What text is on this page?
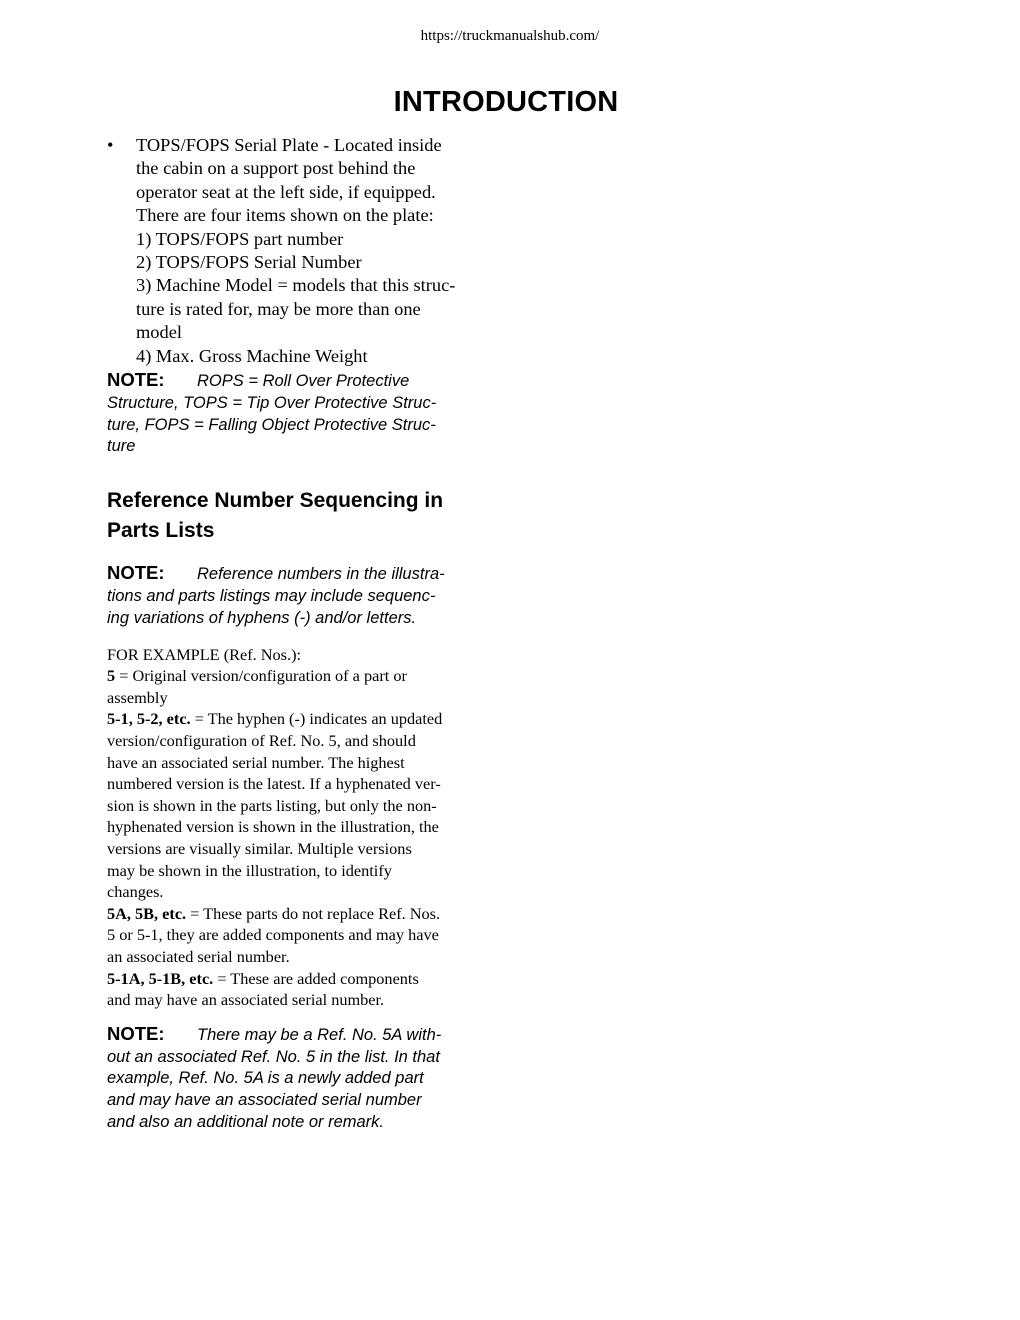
https://truckmanualshub.com/
INTRODUCTION
• TOPS/FOPS Serial Plate - Located inside
the cabin on a support post behind the
operator seat at the left side, if equipped.
There are four items shown on the plate:
1) TOPS/FOPS part number
2) TOPS/FOPS Serial Number
3) Machine Model = models that this struc-
ture is rated for, may be more than one
model
4) Max. Gross Machine Weight
NOTE: ROPS = Roll Over Protective
Structure, TOPS = Tip Over Protective Struc-
ture, FOPS = Falling Object Protective Struc-
ture
Reference Number Sequencing in
Parts Lists
NOTE: Reference numbers in the illustra-
tions and parts listings may include sequenc-
ing variations of hyphens (-) and/or letters.
FOR EXAMPLE (Ref. Nos.):
5 = Original version/configuration of a part or
assembly
5-1, 5-2, etc. = The hyphen (-) indicates an updated
version/configuration of Ref. No. 5, and should
have an associated serial number. The highest
numbered version is the latest. If a hyphenated ver-
sion is shown in the parts listing, but only the non-
hyphenated version is shown in the illustration, the
versions are visually similar. Multiple versions
may be shown in the illustration, to identify
changes.
5A, 5B, etc. = These parts do not replace Ref. Nos.
5 or 5-1, they are added components and may have
an associated serial number.
5-1A, 5-1B, etc. = These are added components
and may have an associated serial number.
NOTE: There may be a Ref. No. 5A with-
out an associated Ref. No. 5 in the list. In that
example, Ref. No. 5A is a newly added part
and may have an associated serial number
and also an additional note or remark.
